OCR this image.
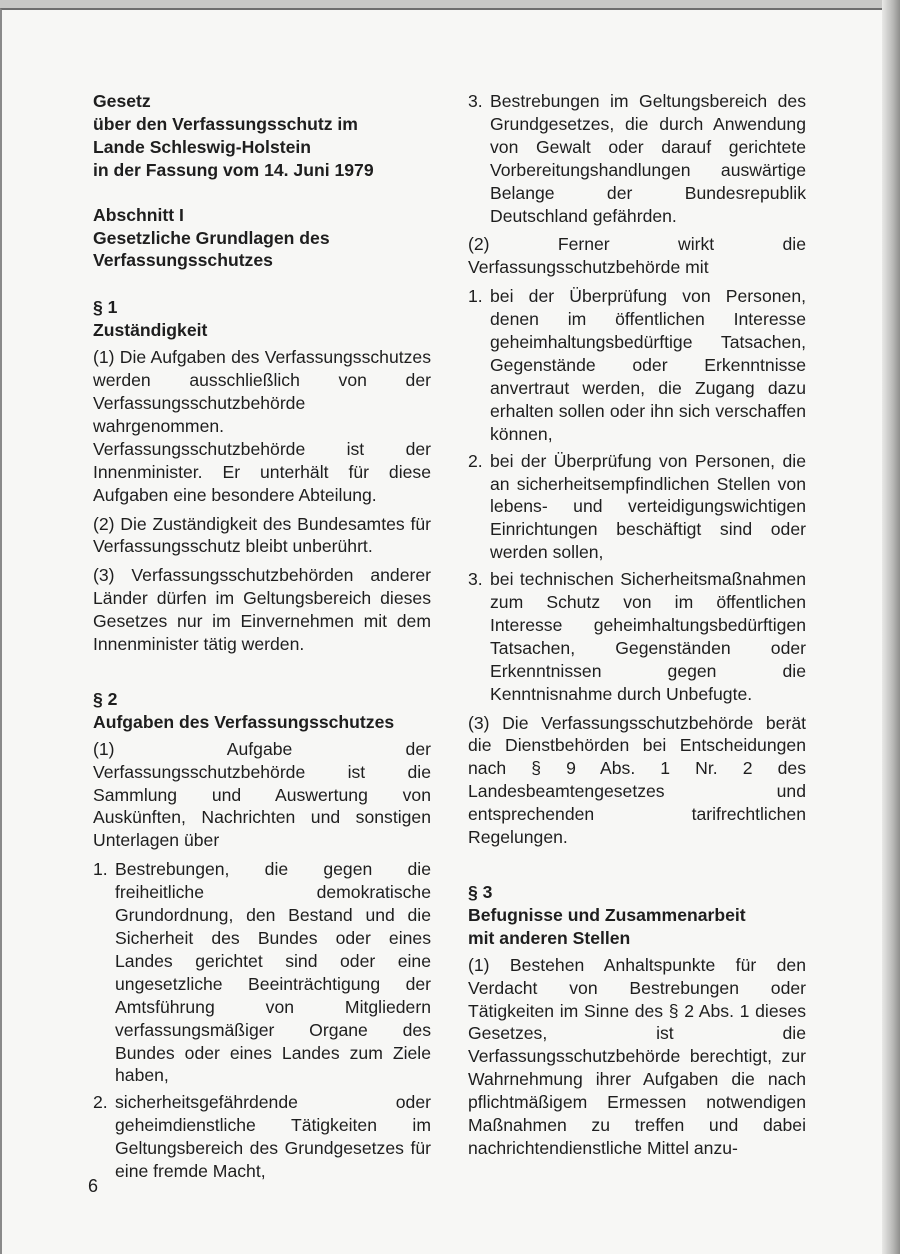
Gesetz
über den Verfassungsschutz im
Lande Schleswig-Holstein
in der Fassung vom 14. Juni 1979
Abschnitt I
Gesetzliche Grundlagen des
Verfassungsschutzes
§ 1
Zuständigkeit

(1) Die Aufgaben des Verfassungsschutzes werden ausschließlich von der Verfassungsschutzbehörde wahrgenommen. Verfassungsschutzbehörde ist der Innenminister. Er unterhält für diese Aufgaben eine besondere Abteilung.

(2) Die Zuständigkeit des Bundesamtes für Verfassungsschutz bleibt unberührt.

(3) Verfassungsschutzbehörden anderer Länder dürfen im Geltungsbereich dieses Gesetzes nur im Einvernehmen mit dem Innenminister tätig werden.

§ 2
Aufgaben des Verfassungsschutzes

(1) Aufgabe der Verfassungsschutzbehörde ist die Sammlung und Auswertung von Auskünften, Nachrichten und sonstigen Unterlagen über

1. Bestrebungen, die gegen die freiheitliche demokratische Grundordnung, den Bestand und die Sicherheit des Bundes oder eines Landes gerichtet sind oder eine ungesetzliche Beeinträchtigung der Amtsführung von Mitgliedern verfassungsmäßiger Organe des Bundes oder eines Landes zum Ziele haben,
2. sicherheitsgefährdende oder geheimdienstliche Tätigkeiten im Geltungsbereich des Grundgesetzes für eine fremde Macht,
3. Bestrebungen im Geltungsbereich des Grundgesetzes, die durch Anwendung von Gewalt oder darauf gerichtete Vorbereitungshandlungen auswärtige Belange der Bundesrepublik Deutschland gefährden.

(2) Ferner wirkt die Verfassungsschutzbehörde mit

1. bei der Überprüfung von Personen, denen im öffentlichen Interesse geheimhaltungsbedürftige Tatsachen, Gegenstände oder Erkenntnisse anvertraut werden, die Zugang dazu erhalten sollen oder ihn sich verschaffen können,
2. bei der Überprüfung von Personen, die an sicherheitsempfindlichen Stellen von lebens- und verteidigungswichtigen Einrichtungen beschäftigt sind oder werden sollen,
3. bei technischen Sicherheitsmaßnahmen zum Schutz von im öffentlichen Interesse geheimhaltungsbedürftigen Tatsachen, Gegenständen oder Erkenntnissen gegen die Kenntnisnahme durch Unbefugte.

(3) Die Verfassungsschutzbehörde berät die Dienstbehörden bei Entscheidungen nach § 9 Abs. 1 Nr. 2 des Landesbeamtengesetzes und entsprechenden tarifrechtlichen Regelungen.

§ 3
Befugnisse und Zusammenarbeit
mit anderen Stellen

(1) Bestehen Anhaltspunkte für den Verdacht von Bestrebungen oder Tätigkeiten im Sinne des § 2 Abs. 1 dieses Gesetzes, ist die Verfassungsschutzbehörde berechtigt, zur Wahrnehmung ihrer Aufgaben die nach pflichtmäßigem Ermessen notwendigen Maßnahmen zu treffen und dabei nachrichtendienstliche Mittel anzu-

6
